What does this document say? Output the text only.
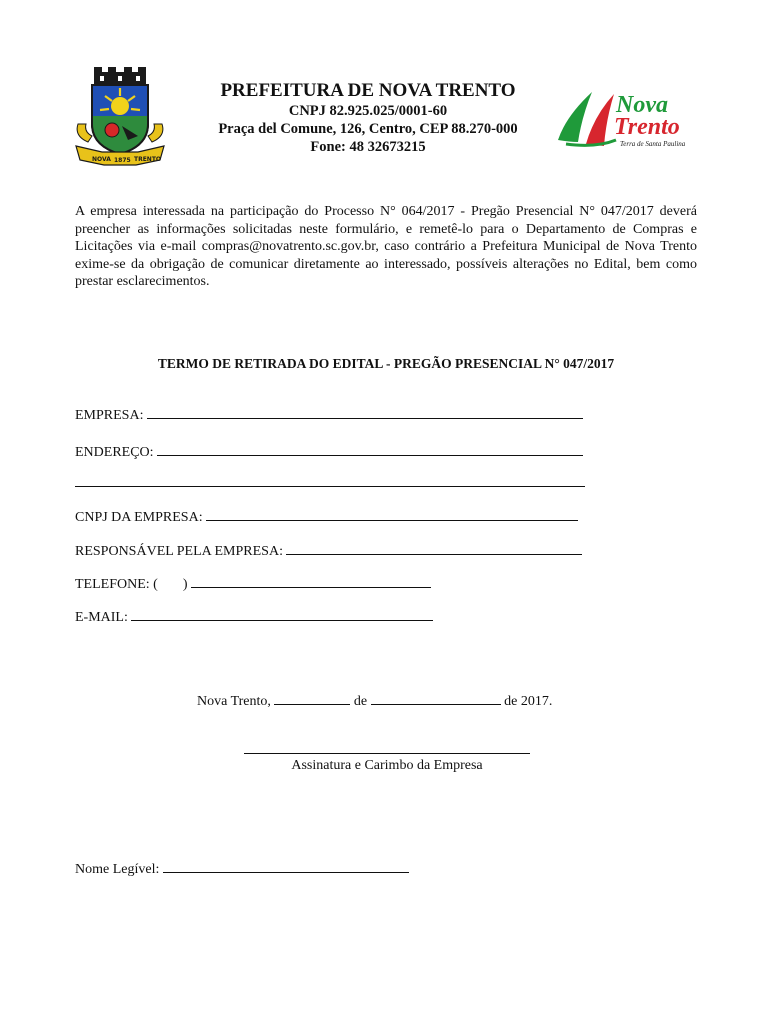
NOVA 1875 TRENTO
PREFEITURA DE NOVA TRENTO
CNPJ 82.925.025/0001-60
Praça del Comune, 126, Centro, CEP 88.270-000
Fone: 48 32673215
Nova
Trento
Terra de Santa Paulina

A empresa interessada na participação do Processo N° 064/2017 - Pregão Presencial N° 047/2017 deverá preencher as informações solicitadas neste formulário, e remetê-lo para o Departamento de Compras e Licitações via e-mail compras@novatrento.sc.gov.br, caso contrário a Prefeitura Municipal de Nova Trento exime-se da obrigação de comunicar diretamente ao interessado, possíveis alterações no Edital, bem como prestar esclarecimentos.

TERMO DE RETIRADA DO EDITAL - PREGÃO PRESENCIAL N° 047/2017

EMPRESA:
ENDEREÇO:
CNPJ DA EMPRESA:
RESPONSÁVEL PELA EMPRESA:
TELEFONE: ( )
E-MAIL:
Nova Trento,	de	de 2017.
Assinatura e Carimbo da Empresa
Nome Legível:
